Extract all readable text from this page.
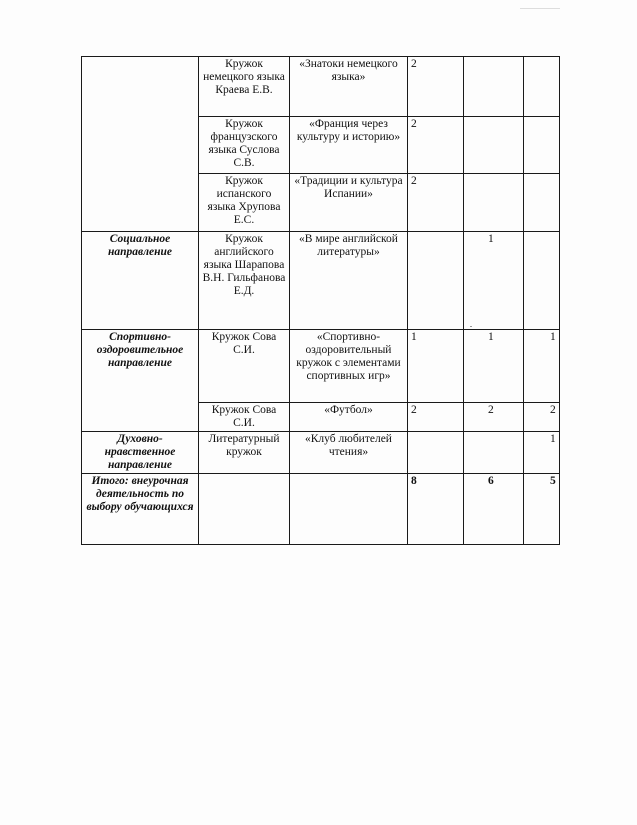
	Кружок немецкого языка Краева Е.В.	«Знатоки немецкого языка»	2		
	Кружок французского языка Суслова С.В.	«Франция через культуру и историю»	2		
	Кружок испанского языка Хрупова Е.С.	«Традиции и культура Испании»	2		
Социальное направление	Кружок английского языка Шарапова В.Н. Гильфанова Е.Д.	«В мире английской литературы»		1	
Спортивно-оздоровительное направление	Кружок Сова С.И.	«Спортивно-оздоровительный кружок с элементами спортивных игр»	1	1	1
	Кружок Сова С.И.	«Футбол»	2	2	2
Духовно-нравственное направление	Литературный кружок	«Клуб любителей чтения»			1
Итого: внеурочная деятельность по выбору обучающихся			8	6	5
